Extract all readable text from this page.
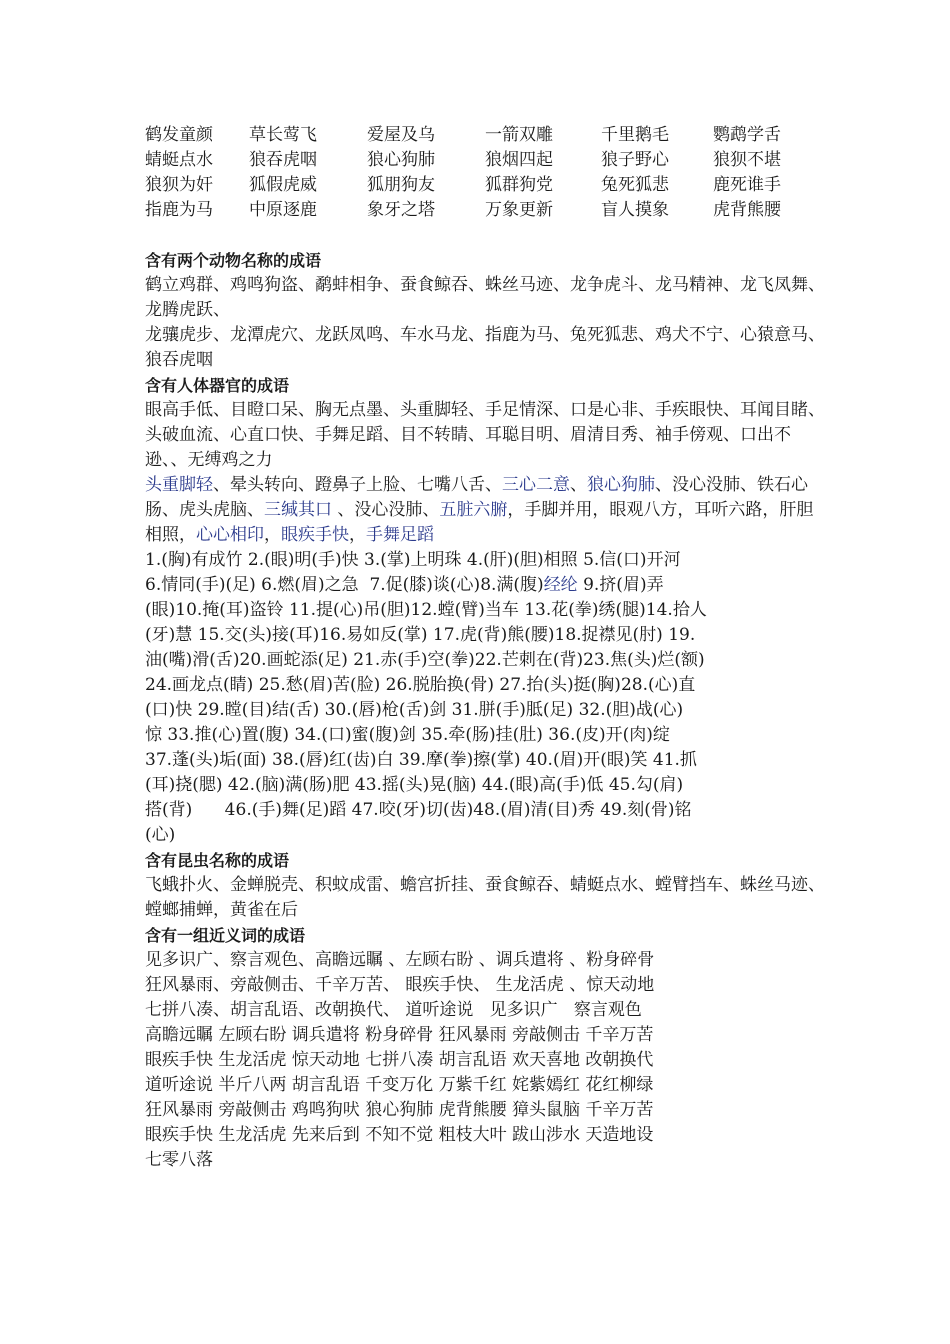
鹤发童颜	草长莺飞	爱屋及乌	一箭双雕	千里鹅毛	鹦鹉学舌
蜻蜓点水	狼吞虎咽	狼心狗肺	狼烟四起	狼子野心	狼狈不堪
狼狈为奸	狐假虎威	狐朋狗友	狐群狗党	兔死狐悲	鹿死谁手
指鹿为马	中原逐鹿	象牙之塔	万象更新	盲人摸象	虎背熊腰
含有两个动物名称的成语
鹤立鸡群、鸡鸣狗盗、鹬蚌相争、蚕食鲸吞、蛛丝马迹、龙争虎斗、龙马精神、龙飞凤舞、龙腾虎跃、
龙骧虎步、龙潭虎穴、龙跃凤鸣、车水马龙、指鹿为马、兔死狐悲、鸡犬不宁、心猿意马、狼吞虎咽
含有人体器官的成语
眼高手低、目瞪口呆、胸无点墨、头重脚轻、手足情深、口是心非、手疾眼快、耳闻目睹、头破血流、心直口快、手舞足蹈、目不转睛、耳聪目明、眉清目秀、袖手傍观、口出不逊、、无缚鸡之力
头重脚轻、晕头转向、蹬鼻子上脸、七嘴八舌、三心二意、狼心狗肺、没心没肺、铁石心肠、虎头虎脑、三缄其口 、没心没肺、五脏六腑，手脚并用，眼观八方，耳听六路，肝胆相照，心心相印，眼疾手快，手舞足蹈
1.(胸)有成竹 2.(眼)明(手)快 3.(掌)上明珠 4.(肝)(胆)相照 5.信(口)开河
6.情同(手)(足) 6.燃(眉)之急  7.促(膝)谈(心)8.满(腹)经纶 9.挤(眉)弄
(眼)10.掩(耳)盗铃 11.提(心)吊(胆)12.螳(臂)当车 13.花(拳)绣(腿)14.拾人
(牙)慧 15.交(头)接(耳)16.易如反(掌) 17.虎(背)熊(腰)18.捉襟见(肘) 19.
油(嘴)滑(舌)20.画蛇添(足) 21.赤(手)空(拳)22.芒刺在(背)23.焦(头)烂(额)
24.画龙点(睛) 25.愁(眉)苦(脸) 26.脱胎换(骨) 27.抬(头)挺(胸)28.(心)直
(口)快 29.瞠(目)结(舌) 30.(唇)枪(舌)剑 31.胼(手)胝(足) 32.(胆)战(心)
惊 33.推(心)置(腹) 34.(口)蜜(腹)剑 35.牵(肠)挂(肚) 36.(皮)开(肉)绽
37.蓬(头)垢(面) 38.(唇)红(齿)白 39.摩(拳)擦(掌) 40.(眉)开(眼)笑 41.抓
(耳)挠(腮) 42.(脑)满(肠)肥 43.摇(头)晃(脑) 44.(眼)高(手)低 45.勾(肩)
搭(背)      46.(手)舞(足)蹈 47.咬(牙)切(齿)48.(眉)清(目)秀 49.刻(骨)铭
(心)
含有昆虫名称的成语
飞蛾扑火、金蝉脱壳、积蚊成雷、蟾宫折挂、蚕食鲸吞、蜻蜓点水、螳臂挡车、蛛丝马迹、
螳螂捕蝉，黄雀在后
含有一组近义词的成语
见多识广、察言观色、高瞻远瞩 、左顾右盼 、调兵遣将 、粉身碎骨
狂风暴雨、旁敲侧击、千辛万苦、 眼疾手快、 生龙活虎 、惊天动地
七拼八凑、胡言乱语、改朝换代、 道听途说   见多识广   察言观色
高瞻远瞩 左顾右盼 调兵遣将 粉身碎骨 狂风暴雨 旁敲侧击 千辛万苦
眼疾手快 生龙活虎 惊天动地 七拼八凑 胡言乱语 欢天喜地 改朝换代
道听途说 半斤八两 胡言乱语 千变万化 万紫千红 姹紫嫣红 花红柳绿
狂风暴雨 旁敲侧击 鸡鸣狗吠 狼心狗肺 虎背熊腰 獐头鼠脑 千辛万苦
眼疾手快 生龙活虎 先来后到 不知不觉 粗枝大叶 跋山涉水 天造地设
七零八落
